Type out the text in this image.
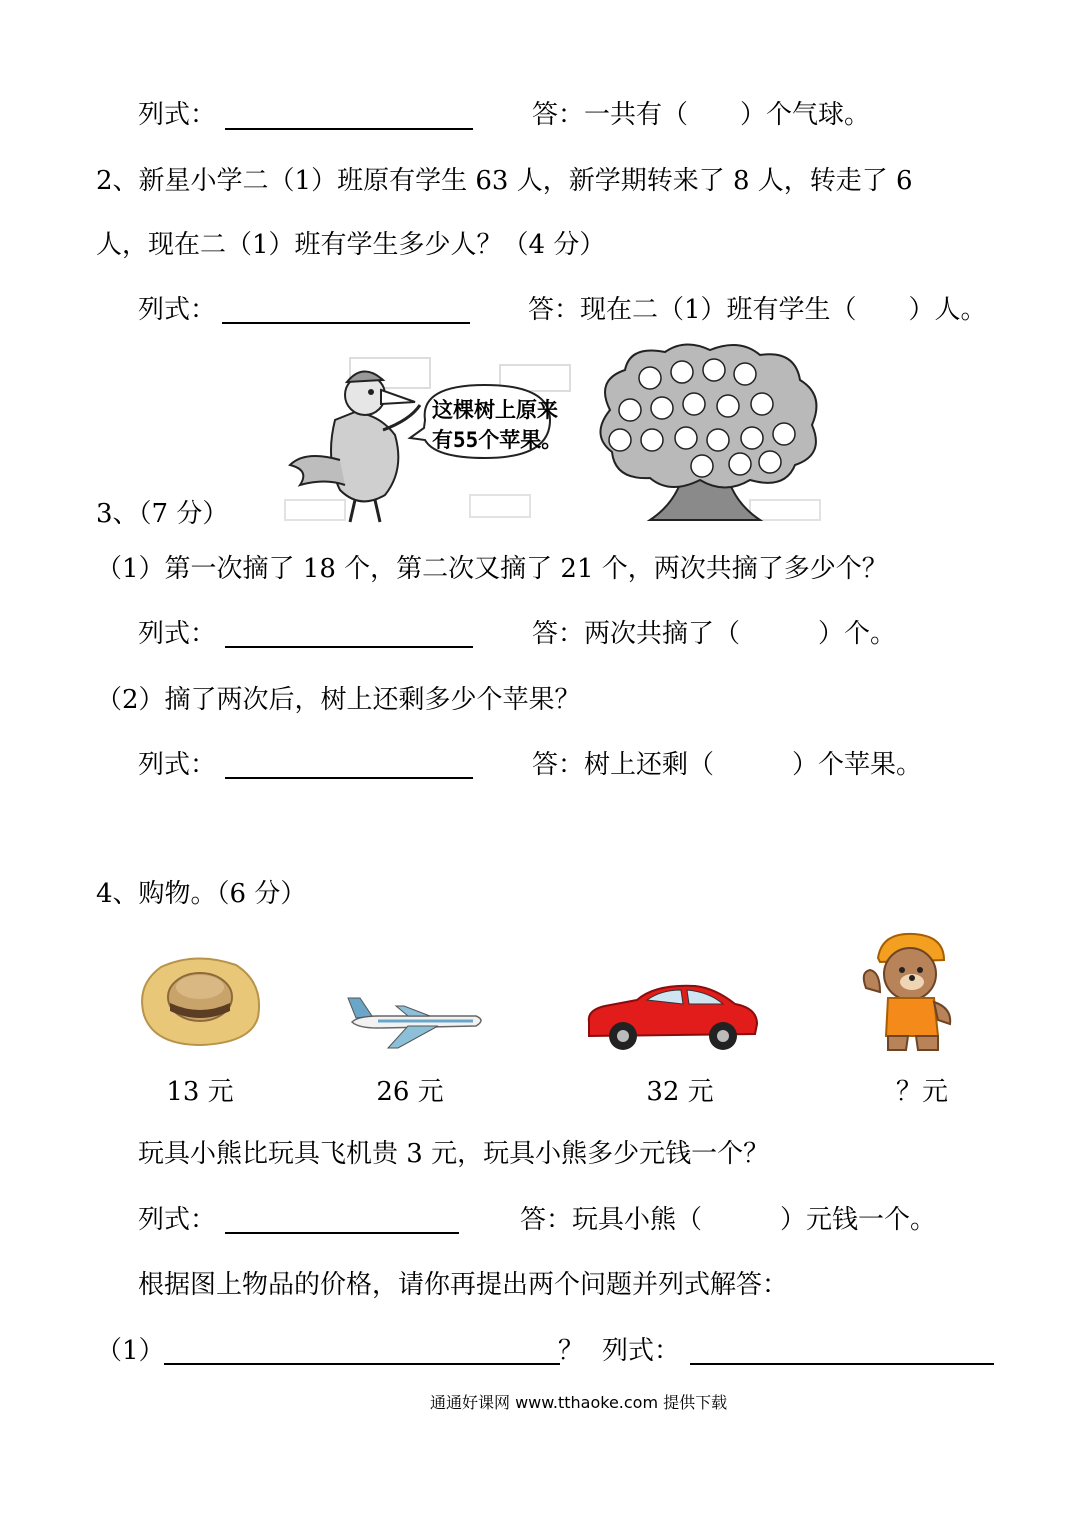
列式：	答：一共有（　　）个气球。
2、新星小学二（1）班原有学生 63 人，新学期转来了 8 人，转走了 6
人，现在二（1）班有学生多少人？（4 分）
列式：	答：现在二（1）班有学生（　　）人。
这棵树上原来
有55个苹果。
3、（7 分）
（1）第一次摘了 18 个，第二次又摘了 21 个，两次共摘了多少个？
列式：	答：两次共摘了（　　　）个。
（2）摘了两次后，树上还剩多少个苹果？
列式：	答：树上还剩（　　　）个苹果。
4、购物。（6 分）
13 元	26 元	32 元	？元
玩具小熊比玩具飞机贵 3 元，玩具小熊多少元钱一个？
列式：	答：玩具小熊（　　　）元钱一个。
根据图上物品的价格，请你再提出两个问题并列式解答：
（1）	？ 列式：
通通好课网 www.tthaoke.com 提供下载
